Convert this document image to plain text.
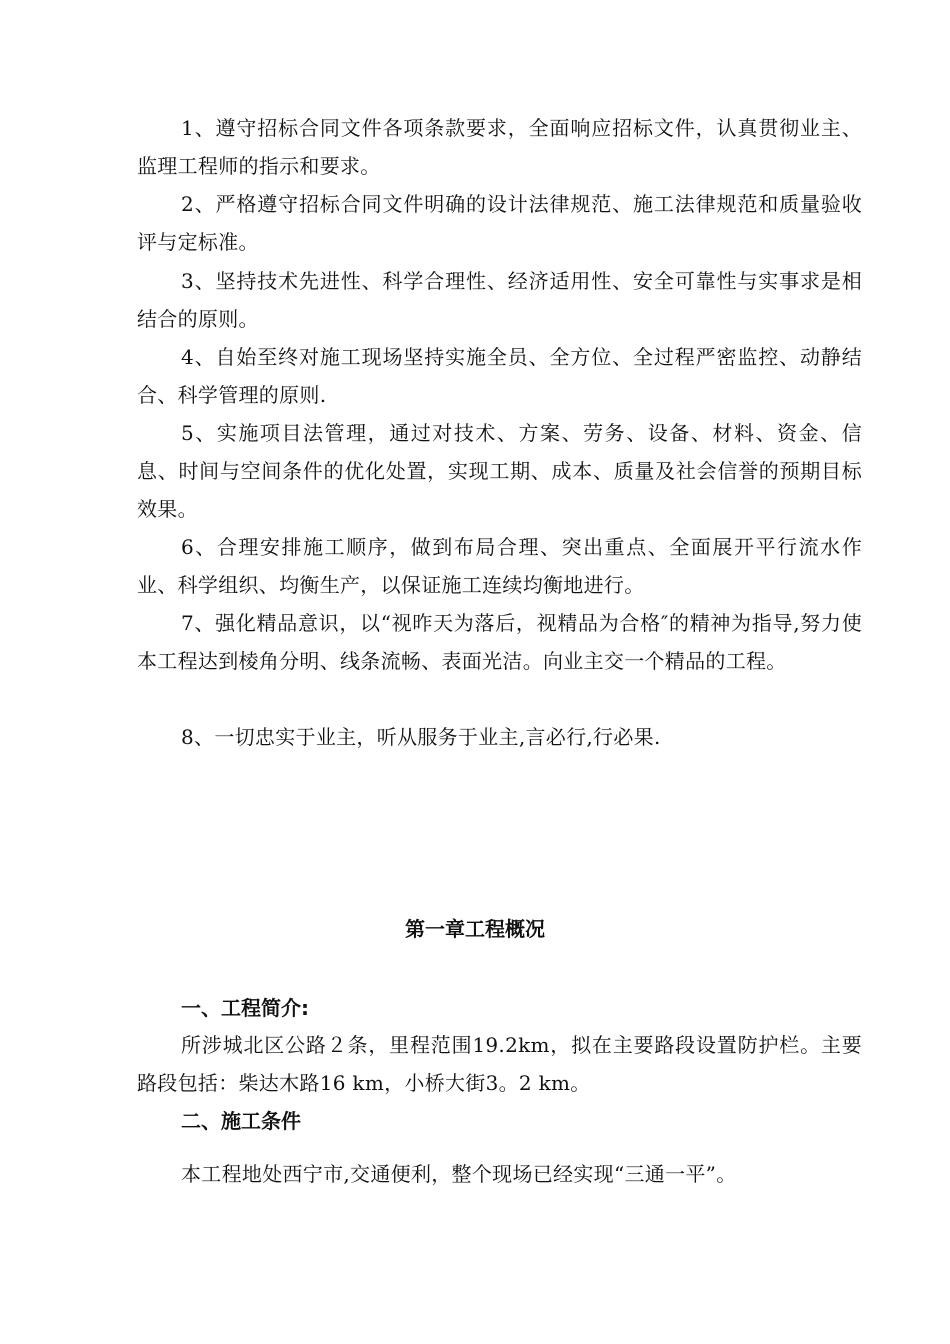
1、遵守招标合同文件各项条款要求，全面响应招标文件，认真贯彻业主、监理工程师的指示和要求。

2、严格遵守招标合同文件明确的设计法律规范、施工法律规范和质量验收评与定标准。

3、坚持技术先进性、科学合理性、经济适用性、安全可靠性与实事求是相结合的原则。

4、自始至终对施工现场坚持实施全员、全方位、全过程严密监控、动静结合、科学管理的原则.

5、实施项目法管理，通过对技术、方案、劳务、设备、材料、资金、信息、时间与空间条件的优化处置，实现工期、成本、质量及社会信誉的预期目标效果。

6、合理安排施工顺序，做到布局合理、突出重点、全面展开平行流水作业、科学组织、均衡生产，以保证施工连续均衡地进行。

7、强化精品意识，以“视昨天为落后，视精品为合格″的精神为指导,努力使本工程达到棱角分明、线条流畅、表面光洁。向业主交一个精品的工程。

8、一切忠实于业主，听从服务于业主,言必行,行必果.

第一章工程概况
一、工程简介:

所涉城北区公路２条，里程范围19.2km，拟在主要路段设置防护栏。主要路段包括：柴达木路16 km，小桥大街3。2 km。

二、施工条件

本工程地处西宁市,交通便利，整个现场已经实现“三通一平”。
